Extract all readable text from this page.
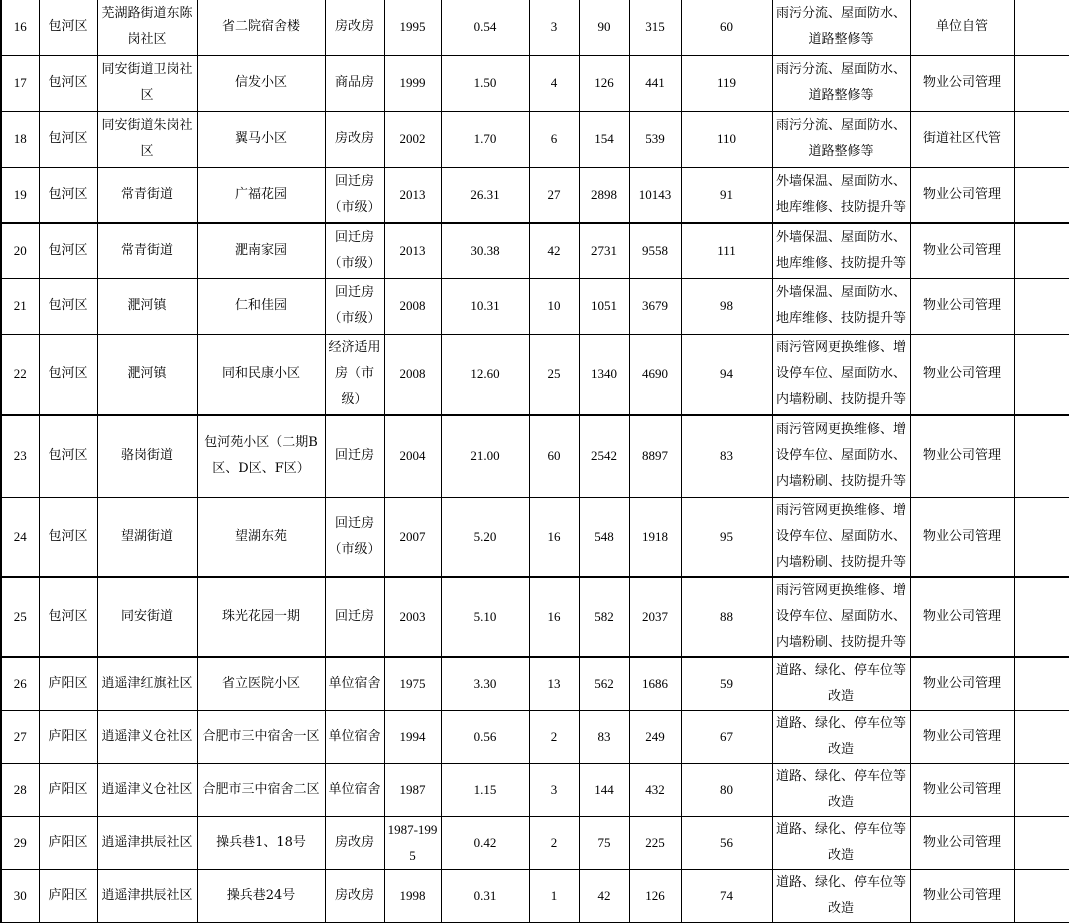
16	包河区	芜湖路街道东陈岗社区	省二院宿舍楼	房改房	1995	0.54	3	90	315	60	雨污分流、屋面防水、道路整修等	单位自管	
17	包河区	同安街道卫岗社区	信发小区	商品房	1999	1.50	4	126	441	119	雨污分流、屋面防水、道路整修等	物业公司管理	
18	包河区	同安街道朱岗社区	翼马小区	房改房	2002	1.70	6	154	539	110	雨污分流、屋面防水、道路整修等	街道社区代管	
19	包河区	常青街道	广福花园	回迁房（市级）	2013	26.31	27	2898	10143	91	外墙保温、屋面防水、地库维修、技防提升等	物业公司管理	
20	包河区	常青街道	淝南家园	回迁房（市级）	2013	30.38	42	2731	9558	111	外墙保温、屋面防水、地库维修、技防提升等	物业公司管理	
21	包河区	淝河镇	仁和佳园	回迁房（市级）	2008	10.31	10	1051	3679	98	外墙保温、屋面防水、地库维修、技防提升等	物业公司管理	
22	包河区	淝河镇	同和民康小区	经济适用房（市级）	2008	12.60	25	1340	4690	94	雨污管网更换维修、增设停车位、屋面防水、内墙粉刷、技防提升等	物业公司管理	
23	包河区	骆岗街道	包河苑小区（二期B区、D区、F区）	回迁房	2004	21.00	60	2542	8897	83	雨污管网更换维修、增设停车位、屋面防水、内墙粉刷、技防提升等	物业公司管理	
24	包河区	望湖街道	望湖东苑	回迁房（市级）	2007	5.20	16	548	1918	95	雨污管网更换维修、增设停车位、屋面防水、内墙粉刷、技防提升等	物业公司管理	
25	包河区	同安街道	珠光花园一期	回迁房	2003	5.10	16	582	2037	88	雨污管网更换维修、增设停车位、屋面防水、内墙粉刷、技防提升等	物业公司管理	
26	庐阳区	逍遥津红旗社区	省立医院小区	单位宿舍	1975	3.30	13	562	1686	59	道路、绿化、停车位等改造	物业公司管理	
27	庐阳区	逍遥津义仓社区	合肥市三中宿舍一区	单位宿舍	1994	0.56	2	83	249	67	道路、绿化、停车位等改造	物业公司管理	
28	庐阳区	逍遥津义仓社区	合肥市三中宿舍二区	单位宿舍	1987	1.15	3	144	432	80	道路、绿化、停车位等改造	物业公司管理	
29	庐阳区	逍遥津拱辰社区	操兵巷1、18号	房改房	1987-1995	0.42	2	75	225	56	道路、绿化、停车位等改造	物业公司管理	
30	庐阳区	逍遥津拱辰社区	操兵巷24号	房改房	1998	0.31	1	42	126	74	道路、绿化、停车位等改造	物业公司管理	
